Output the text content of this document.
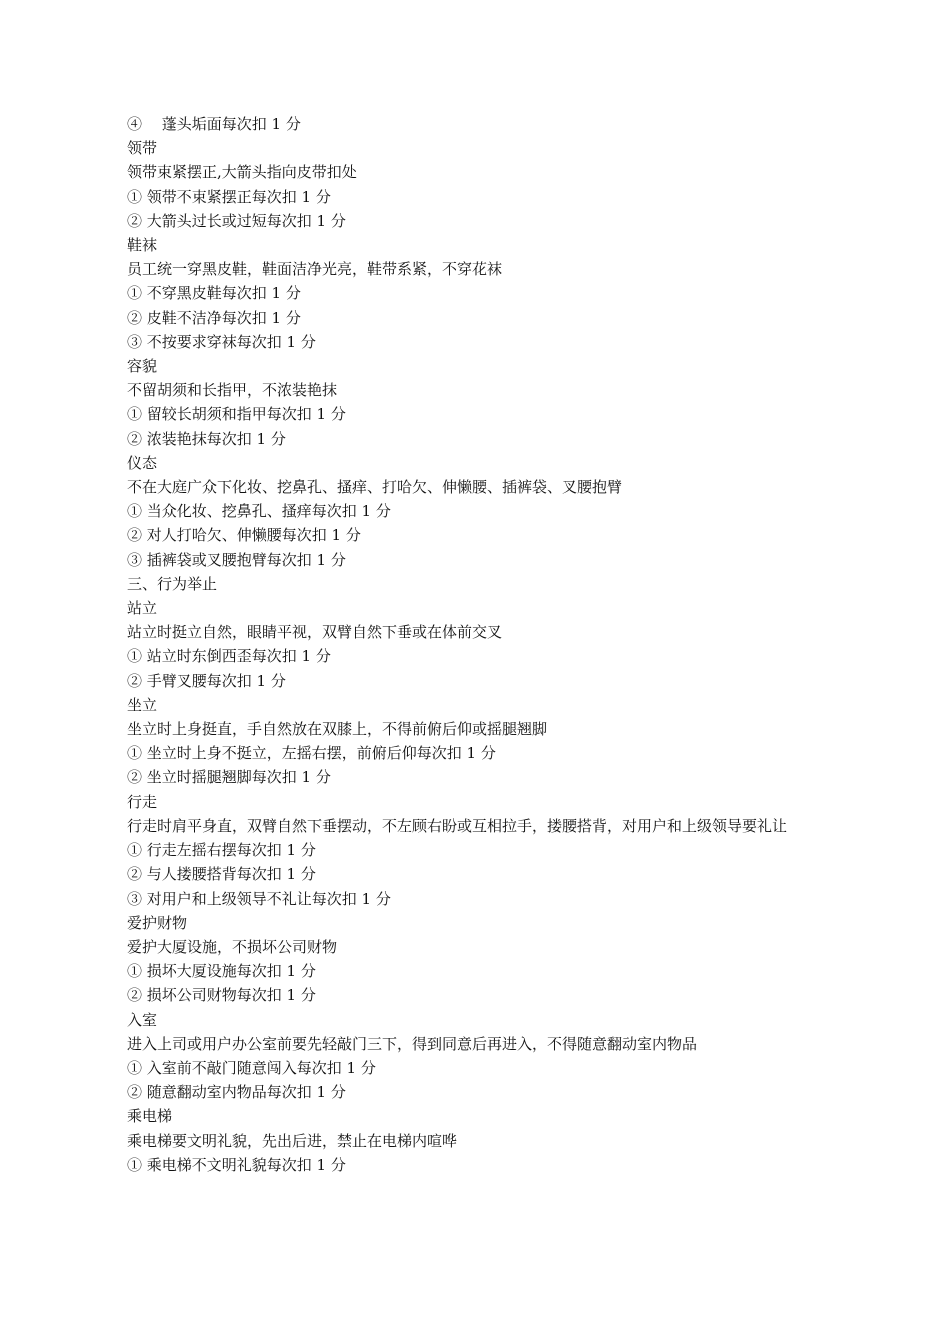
④　 蓬头垢面每次扣 1 分

领带

领带束紧摆正,大箭头指向皮带扣处

① 领带不束紧摆正每次扣 1 分

② 大箭头过长或过短每次扣 1 分

鞋袜

员工统一穿黑皮鞋，鞋面洁净光亮，鞋带系紧，不穿花袜

① 不穿黑皮鞋每次扣 1 分

② 皮鞋不洁净每次扣 1 分

③ 不按要求穿袜每次扣 1 分

容貌

不留胡须和长指甲，不浓装艳抹

① 留较长胡须和指甲每次扣 1 分

② 浓装艳抹每次扣 1 分

仪态

不在大庭广众下化妆、挖鼻孔、搔痒、打哈欠、伸懒腰、插裤袋、叉腰抱臂

① 当众化妆、挖鼻孔、搔痒每次扣 1 分

② 对人打哈欠、伸懒腰每次扣 1 分

③ 插裤袋或叉腰抱臂每次扣 1 分

三、行为举止

站立

站立时挺立自然，眼睛平视，双臂自然下垂或在体前交叉

① 站立时东倒西歪每次扣 1 分

② 手臂叉腰每次扣 1 分

坐立

坐立时上身挺直，手自然放在双膝上，不得前俯后仰或摇腿翘脚

① 坐立时上身不挺立，左摇右摆，前俯后仰每次扣 1 分

② 坐立时摇腿翘脚每次扣 1 分

行走

行走时肩平身直，双臂自然下垂摆动，不左顾右盼或互相拉手，搂腰搭背，对用户和上级领导要礼让

① 行走左摇右摆每次扣 1 分

② 与人搂腰搭背每次扣 1 分

③ 对用户和上级领导不礼让每次扣 1 分

爱护财物

爱护大厦设施，不损坏公司财物

① 损坏大厦设施每次扣 1 分

② 损坏公司财物每次扣 1 分

入室

进入上司或用户办公室前要先轻敲门三下，得到同意后再进入，不得随意翻动室内物品

① 入室前不敲门随意闯入每次扣 1 分

② 随意翻动室内物品每次扣 1 分

乘电梯

乘电梯要文明礼貌，先出后进，禁止在电梯内喧哗

① 乘电梯不文明礼貌每次扣 1 分
